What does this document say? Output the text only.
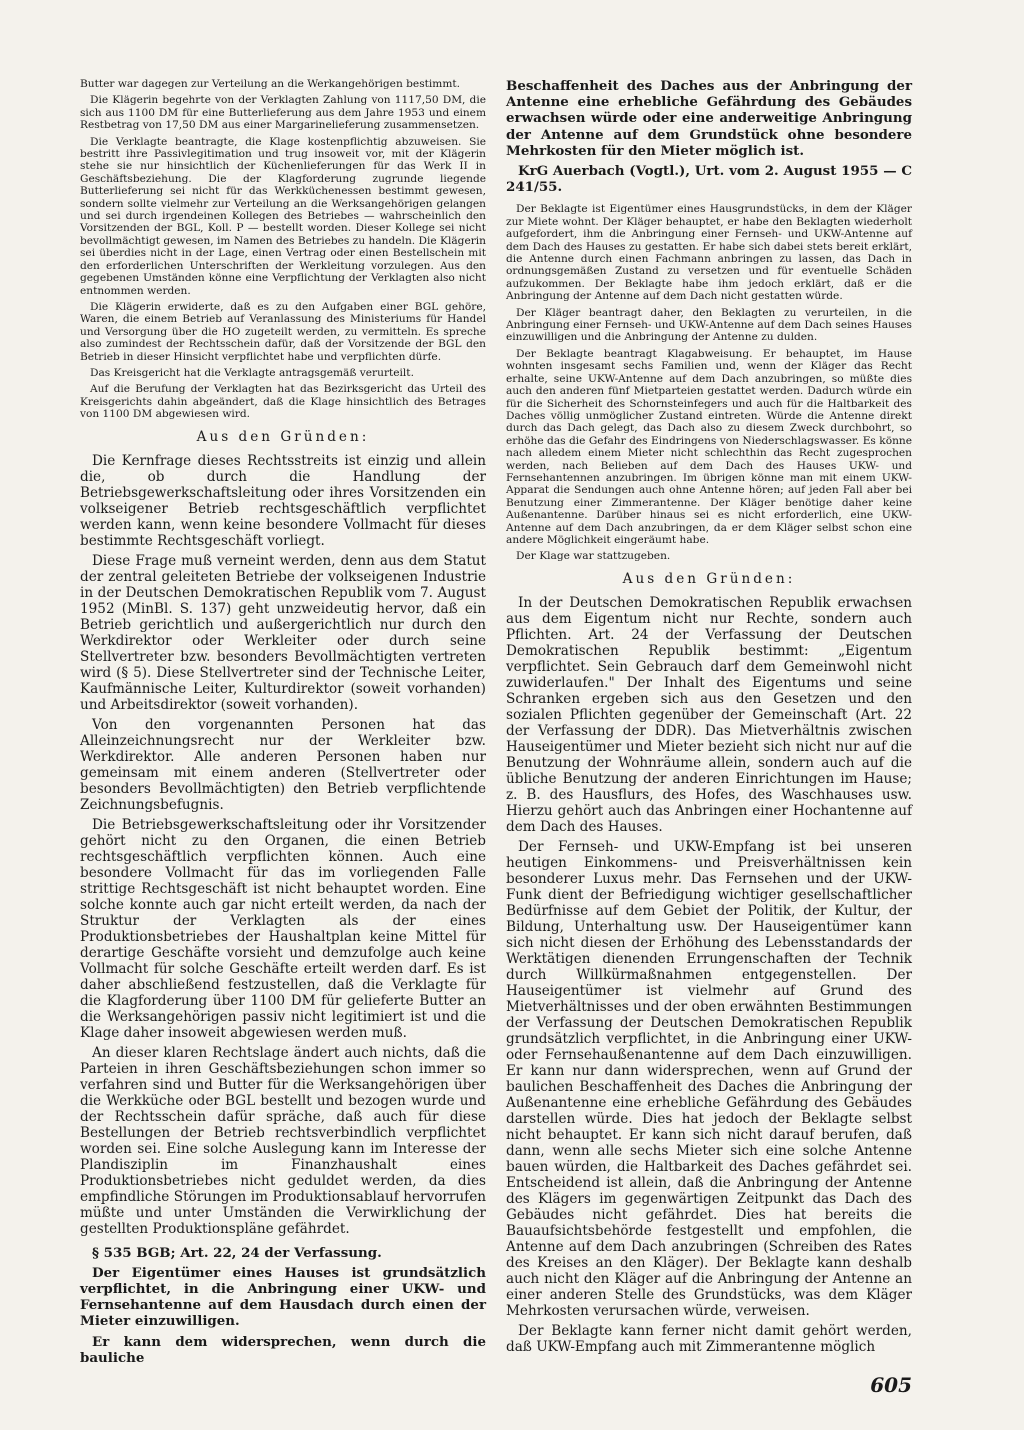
Butter war dagegen zur Verteilung an die Werkangehörigen bestimmt.

Die Klägerin begehrte von der Verklagten Zahlung von 1117,50 DM, die sich aus 1100 DM für eine Butterlieferung aus dem Jahre 1953 und einem Restbetrag von 17,50 DM aus einer Margarinelieferung zusammensetzen.

Die Verklagte beantragte, die Klage kostenpflichtig abzuweisen. Sie bestritt ihre Passivlegitimation und trug insoweit vor, mit der Klägerin stehe sie nur hinsichtlich der Küchenlieferungen für das Werk II in Geschäftsbeziehung. Die der Klagforderung zugrunde liegende Butterlieferung sei nicht für das Werkküchenessen bestimmt gewesen, sondern sollte vielmehr zur Verteilung an die Werksangehörigen gelangen und sei durch irgendeinen Kollegen des Betriebes — wahrscheinlich den Vorsitzenden der BGL, Koll. P — bestellt worden. Dieser Kollege sei nicht bevollmächtigt gewesen, im Namen des Betriebes zu handeln. Die Klägerin sei überdies nicht in der Lage, einen Vertrag oder einen Bestellschein mit den erforderlichen Unterschriften der Werkleitung vorzulegen. Aus den gegebenen Umständen könne eine Verpflichtung der Verklagten also nicht entnommen werden.

Die Klägerin erwiderte, daß es zu den Aufgaben einer BGL gehöre, Waren, die einem Betrieb auf Veranlassung des Ministeriums für Handel und Versorgung über die HO zugeteilt werden, zu vermitteln. Es spreche also zumindest der Rechtsschein dafür, daß der Vorsitzende der BGL den Betrieb in dieser Hinsicht verpflichtet habe und verpflichten dürfe.

Das Kreisgericht hat die Verklagte antragsgemäß verurteilt.

Auf die Berufung der Verklagten hat das Bezirksgericht das Urteil des Kreisgerichts dahin abgeändert, daß die Klage hinsichtlich des Betrages von 1100 DM abgewiesen wird.

Aus den Gründen:

Die Kernfrage dieses Rechtsstreits ist einzig und allein die, ob durch die Handlung der Betriebsgewerkschaftsleitung oder ihres Vorsitzenden ein volkseigener Betrieb rechtsgeschäftlich verpflichtet werden kann, wenn keine besondere Vollmacht für dieses bestimmte Rechtsgeschäft vorliegt.

Diese Frage muß verneint werden, denn aus dem Statut der zentral geleiteten Betriebe der volkseigenen Industrie in der Deutschen Demokratischen Republik vom 7. August 1952 (MinBl. S. 137) geht unzweideutig hervor, daß ein Betrieb gerichtlich und außergerichtlich nur durch den Werkdirektor oder Werkleiter oder durch seine Stellvertreter bzw. besonders Bevollmächtigten vertreten wird (§ 5). Diese Stellvertreter sind der Technische Leiter, Kaufmännische Leiter, Kulturdirektor (soweit vorhanden) und Arbeitsdirektor (soweit vorhanden).

Von den vorgenannten Personen hat das Alleinzeichnungsrecht nur der Werkleiter bzw. Werkdirektor. Alle anderen Personen haben nur gemeinsam mit einem anderen (Stellvertreter oder besonders Bevollmächtigten) den Betrieb verpflichtende Zeichnungsbefugnis.

Die Betriebsgewerkschaftsleitung oder ihr Vorsitzender gehört nicht zu den Organen, die einen Betrieb rechtsgeschäftlich verpflichten können. Auch eine besondere Vollmacht für das im vorliegenden Falle strittige Rechtsgeschäft ist nicht behauptet worden. Eine solche konnte auch gar nicht erteilt werden, da nach der Struktur der Verklagten als der eines Produktionsbetriebes der Haushaltplan keine Mittel für derartige Geschäfte vorsieht und demzufolge auch keine Vollmacht für solche Geschäfte erteilt werden darf. Es ist daher abschließend festzustellen, daß die Verklagte für die Klagforderung über 1100 DM für gelieferte Butter an die Werksangehörigen passiv nicht legitimiert ist und die Klage daher insoweit abgewiesen werden muß.

An dieser klaren Rechtslage ändert auch nichts, daß die Parteien in ihren Geschäftsbeziehungen schon immer so verfahren sind und Butter für die Werksangehörigen über die Werkküche oder BGL bestellt und bezogen wurde und der Rechtsschein dafür spräche, daß auch für diese Bestellungen der Betrieb rechtsverbindlich verpflichtet worden sei. Eine solche Auslegung kann im Interesse der Plandisziplin im Finanzhaushalt eines Produktionsbetriebes nicht geduldet werden, da dies empfindliche Störungen im Produktionsablauf hervorrufen müßte und unter Umständen die Verwirklichung der gestellten Produktionspläne gefährdet.

§ 535 BGB; Art. 22, 24 der Verfassung.

Der Eigentümer eines Hauses ist grundsätzlich verpflichtet, in die Anbringung einer UKW- und Fernsehantenne auf dem Hausdach durch einen der Mieter einzuwilligen.

Er kann dem widersprechen, wenn durch die bauliche

Beschaffenheit des Daches aus der Anbringung der Antenne eine erhebliche Gefährdung des Gebäudes erwachsen würde oder eine anderweitige Anbringung der Antenne auf dem Grundstück ohne besondere Mehrkosten für den Mieter möglich ist.

KrG Auerbach (Vogtl.), Urt. vom 2. August 1955 — C 241/55.

Der Beklagte ist Eigentümer eines Hausgrundstücks, in dem der Kläger zur Miete wohnt. Der Kläger behauptet, er habe den Beklagten wiederholt aufgefordert, ihm die Anbringung einer Fernseh- und UKW-Antenne auf dem Dach des Hauses zu gestatten. Er habe sich dabei stets bereit erklärt, die Antenne durch einen Fachmann anbringen zu lassen, das Dach in ordnungsgemäßen Zustand zu versetzen und für eventuelle Schäden aufzukommen. Der Beklagte habe ihm jedoch erklärt, daß er die Anbringung der Antenne auf dem Dach nicht gestatten würde.

Der Kläger beantragt daher, den Beklagten zu verurteilen, in die Anbringung einer Fernseh- und UKW-Antenne auf dem Dach seines Hauses einzuwilligen und die Anbringung der Antenne zu dulden.

Der Beklagte beantragt Klagabweisung. Er behauptet, im Hause wohnten insgesamt sechs Familien und, wenn der Kläger das Recht erhalte, seine UKW-Antenne auf dem Dach anzubringen, so müßte dies auch den anderen fünf Mietparteien gestattet werden. Dadurch würde ein für die Sicherheit des Schornsteinfegers und auch für die Haltbarkeit des Daches völlig unmöglicher Zustand eintreten. Würde die Antenne direkt durch das Dach gelegt, das Dach also zu diesem Zweck durchbohrt, so erhöhe das die Gefahr des Eindringens von Niederschlagswasser. Es könne nach alledem einem Mieter nicht schlechthin das Recht zugesprochen werden, nach Belieben auf dem Dach des Hauses UKW- und Fernsehantennen anzubringen. Im übrigen könne man mit einem UKW-Apparat die Sendungen auch ohne Antenne hören; auf jeden Fall aber bei Benutzung einer Zimmerantenne. Der Kläger benötige daher keine Außenantenne. Darüber hinaus sei es nicht erforderlich, eine UKW-Antenne auf dem Dach anzubringen, da er dem Kläger selbst schon eine andere Möglichkeit eingeräumt habe.

Der Klage war stattzugeben.

Aus den Gründen:

In der Deutschen Demokratischen Republik erwachsen aus dem Eigentum nicht nur Rechte, sondern auch Pflichten. Art. 24 der Verfassung der Deutschen Demokratischen Republik bestimmt: „Eigentum verpflichtet. Sein Gebrauch darf dem Gemeinwohl nicht zuwiderlaufen." Der Inhalt des Eigentums und seine Schranken ergeben sich aus den Gesetzen und den sozialen Pflichten gegenüber der Gemeinschaft (Art. 22 der Verfassung der DDR). Das Mietverhältnis zwischen Hauseigentümer und Mieter bezieht sich nicht nur auf die Benutzung der Wohnräume allein, sondern auch auf die übliche Benutzung der anderen Einrichtungen im Hause; z. B. des Hausflurs, des Hofes, des Waschhauses usw. Hierzu gehört auch das Anbringen einer Hochantenne auf dem Dach des Hauses.

Der Fernseh- und UKW-Empfang ist bei unseren heutigen Einkommens- und Preisverhältnissen kein besonderer Luxus mehr. Das Fernsehen und der UKW-Funk dient der Befriedigung wichtiger gesellschaftlicher Bedürfnisse auf dem Gebiet der Politik, der Kultur, der Bildung, Unterhaltung usw. Der Hauseigentümer kann sich nicht diesen der Erhöhung des Lebensstandards der Werktätigen dienenden Errungenschaften der Technik durch Willkürmaßnahmen entgegenstellen. Der Hauseigentümer ist vielmehr auf Grund des Mietverhältnisses und der oben erwähnten Bestimmungen der Verfassung der Deutschen Demokratischen Republik grundsätzlich verpflichtet, in die Anbringung einer UKW- oder Fernsehaußenantenne auf dem Dach einzuwilligen. Er kann nur dann widersprechen, wenn auf Grund der baulichen Beschaffenheit des Daches die Anbringung der Außenantenne eine erhebliche Gefährdung des Gebäudes darstellen würde. Dies hat jedoch der Beklagte selbst nicht behauptet. Er kann sich nicht darauf berufen, daß dann, wenn alle sechs Mieter sich eine solche Antenne bauen würden, die Haltbarkeit des Daches gefährdet sei. Entscheidend ist allein, daß die Anbringung der Antenne des Klägers im gegenwärtigen Zeitpunkt das Dach des Gebäudes nicht gefährdet. Dies hat bereits die Bauaufsichtsbehörde festgestellt und empfohlen, die Antenne auf dem Dach anzubringen (Schreiben des Rates des Kreises an den Kläger). Der Beklagte kann deshalb auch nicht den Kläger auf die Anbringung der Antenne an einer anderen Stelle des Grundstücks, was dem Kläger Mehrkosten verursachen würde, verweisen.

Der Beklagte kann ferner nicht damit gehört werden, daß UKW-Empfang auch mit Zimmerantenne möglich

605
